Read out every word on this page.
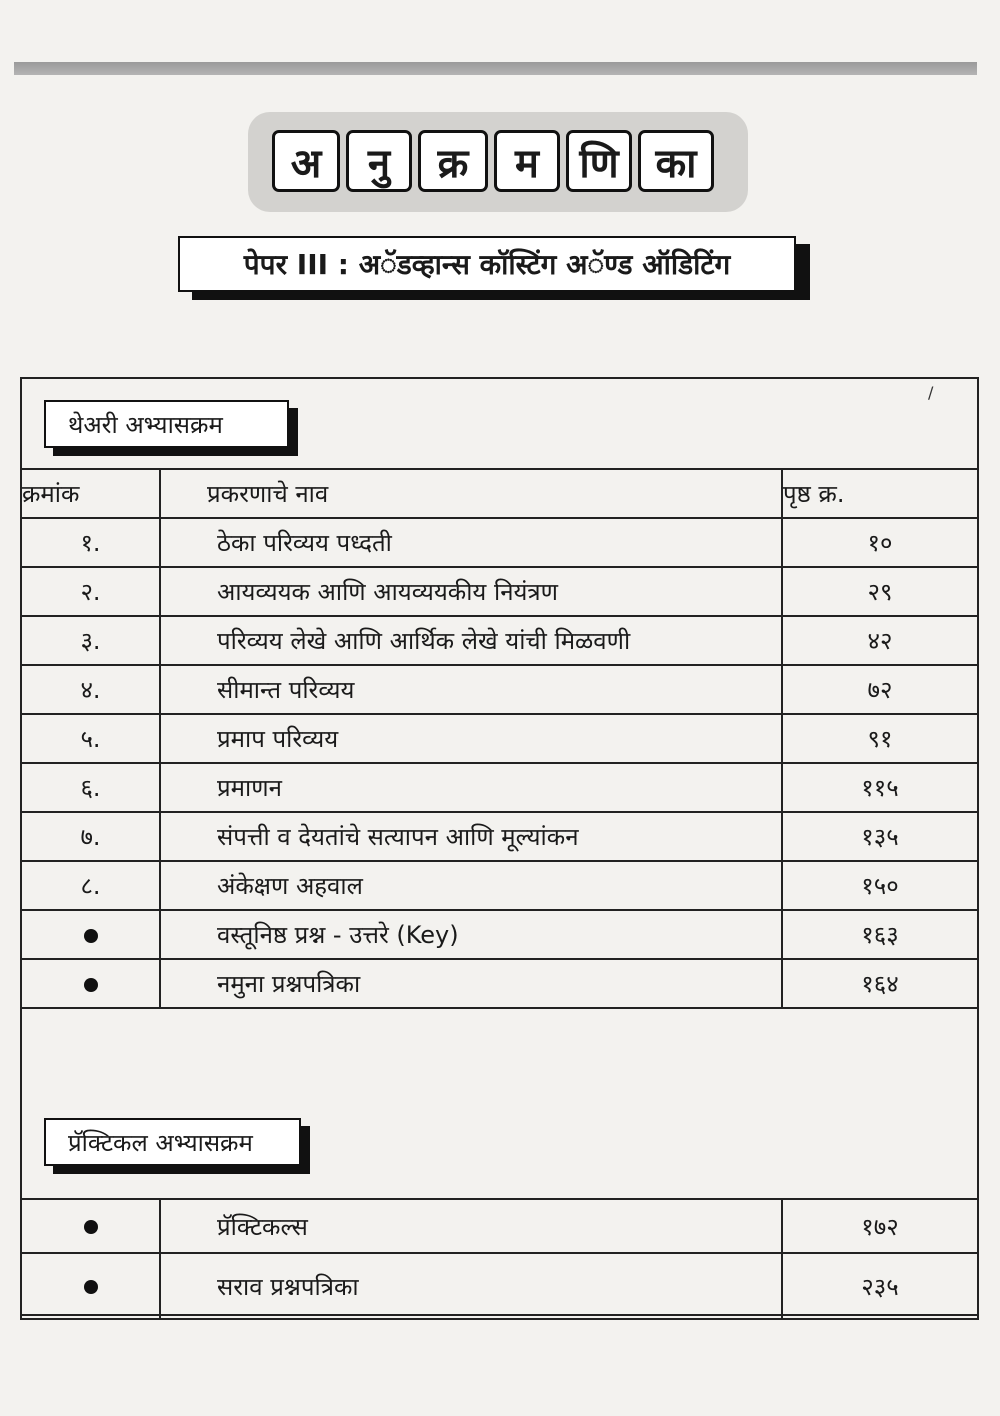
अ	नु	क्र	म	णि का
पेपर III : अॅडव्हान्स कॉस्टिंग अॅण्ड ऑडिटिंग
/
थेअरी अभ्यासक्रम
क्रमांक	प्रकरणाचे नाव	पृष्ठ क्र.
१.	ठेका परिव्यय पध्दती	१०
२.	आयव्ययक आणि आयव्ययकीय नियंत्रण	२९
३.	परिव्यय लेखे आणि आर्थिक लेखे यांची मिळवणी	४२
४.	सीमान्त परिव्यय	७२
५.	प्रमाप परिव्यय	९१
६.	प्रमाणन	११५
७.	संपत्ती व देयतांचे सत्यापन आणि मूल्यांकन	१३५
८.	अंकेक्षण अहवाल	१५०
	वस्तूनिष्ठ प्रश्न - उत्तरे (Key)	१६३
	नमुना प्रश्नपत्रिका	१६४
प्रॅक्टिकल अभ्यासक्रम
	प्रॅक्टिकल्स	१७२
	सराव प्रश्नपत्रिका	२३५
